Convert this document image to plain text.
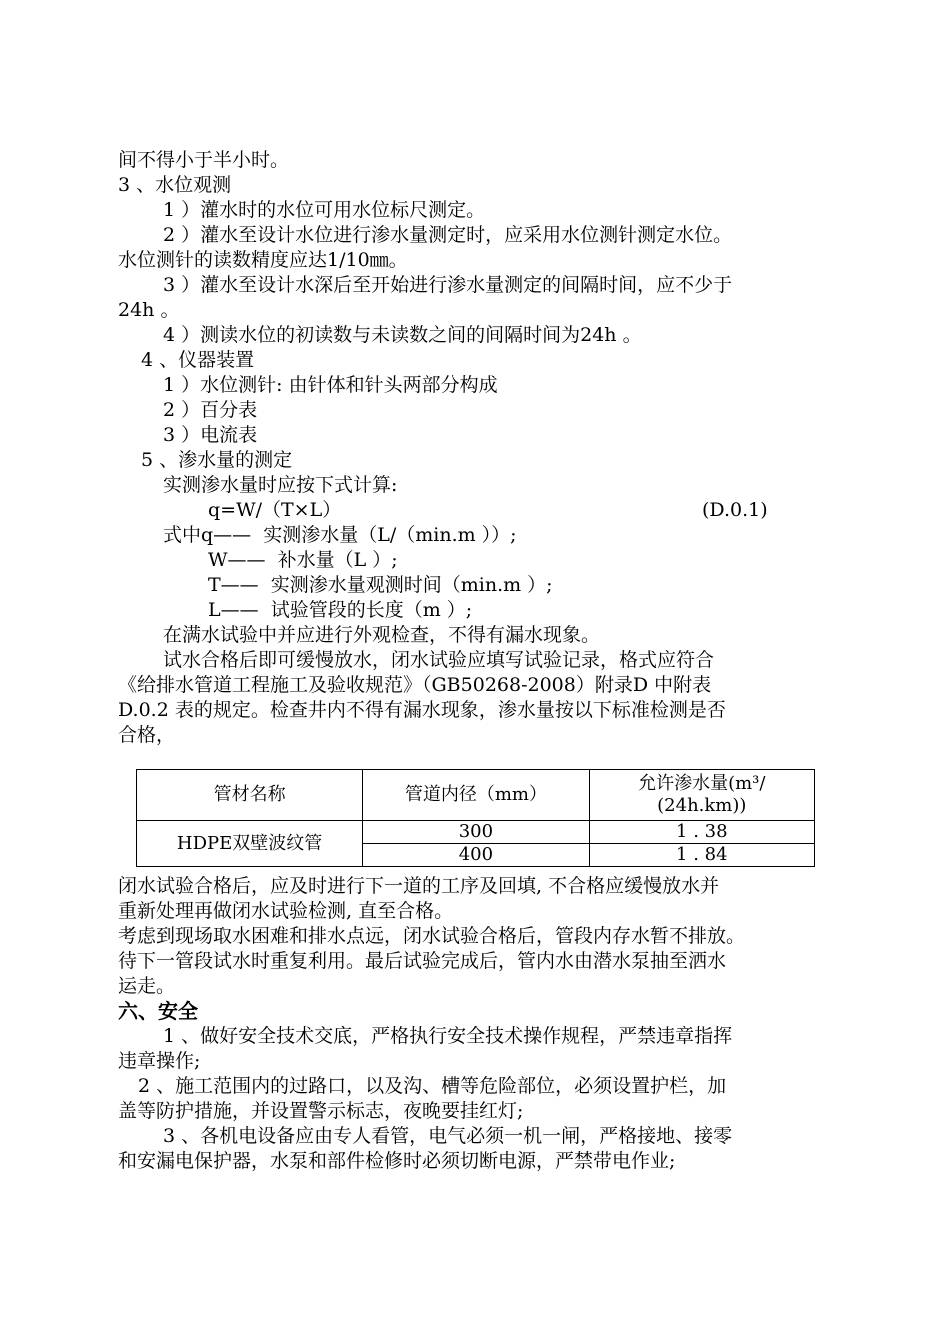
间不得小于半小时。
3 、水位观测
1 ）灌水时的水位可用水位标尺测定。
2 ）灌水至设计水位进行渗水量测定时，应采用水位测针测定水位。
水位测针的读数精度应达1/10㎜。
3 ）灌水至设计水深后至开始进行渗水量测定的间隔时间，应不少于
24h 。
4 ）测读水位的初读数与未读数之间的间隔时间为24h 。
4 、仪器装置
1 ）水位测针: 由针体和针头两部分构成
2 ）百分表
3 ）电流表
5 、渗水量的测定
实测渗水量时应按下式计算:
q=W/（T×L）	(D.0.1)
式中q——  实测渗水量（L/（min.m ））;
W——  补水量（L ）;
T——  实测渗水量观测时间（min.m ）;
L——  试验管段的长度（m ）;
在满水试验中并应进行外观检查，不得有漏水现象。
试水合格后即可缓慢放水，闭水试验应填写试验记录，格式应符合
《给排水管道工程施工及验收规范》（GB50268-2008）附录D 中附表
D.0.2 表的规定。检查井内不得有漏水现象，渗水量按以下标准检测是否
合格，
管材名称	管道内径（mm）	允许渗水量(m³/
(24h.km))

HDPE双壁波纹管	300	1 . 38
	400	1 . 84
闭水试验合格后，应及时进行下一道的工序及回填, 不合格应缓慢放水并
重新处理再做闭水试验检测, 直至合格。
考虑到现场取水困难和排水点远，闭水试验合格后，管段内存水暂不排放。
待下一管段试水时重复利用。最后试验完成后，管内水由潜水泵抽至洒水
运走。
六、安全
1 、做好安全技术交底，严格执行安全技术操作规程，严禁违章指挥
违章操作;
2 、施工范围内的过路口，以及沟、槽等危险部位，必须设置护栏，加
盖等防护措施，并设置警示标志，夜晚要挂红灯;
3 、各机电设备应由专人看管，电气必须一机一闸，严格接地、接零
和安漏电保护器，水泵和部件检修时必须切断电源，严禁带电作业;
